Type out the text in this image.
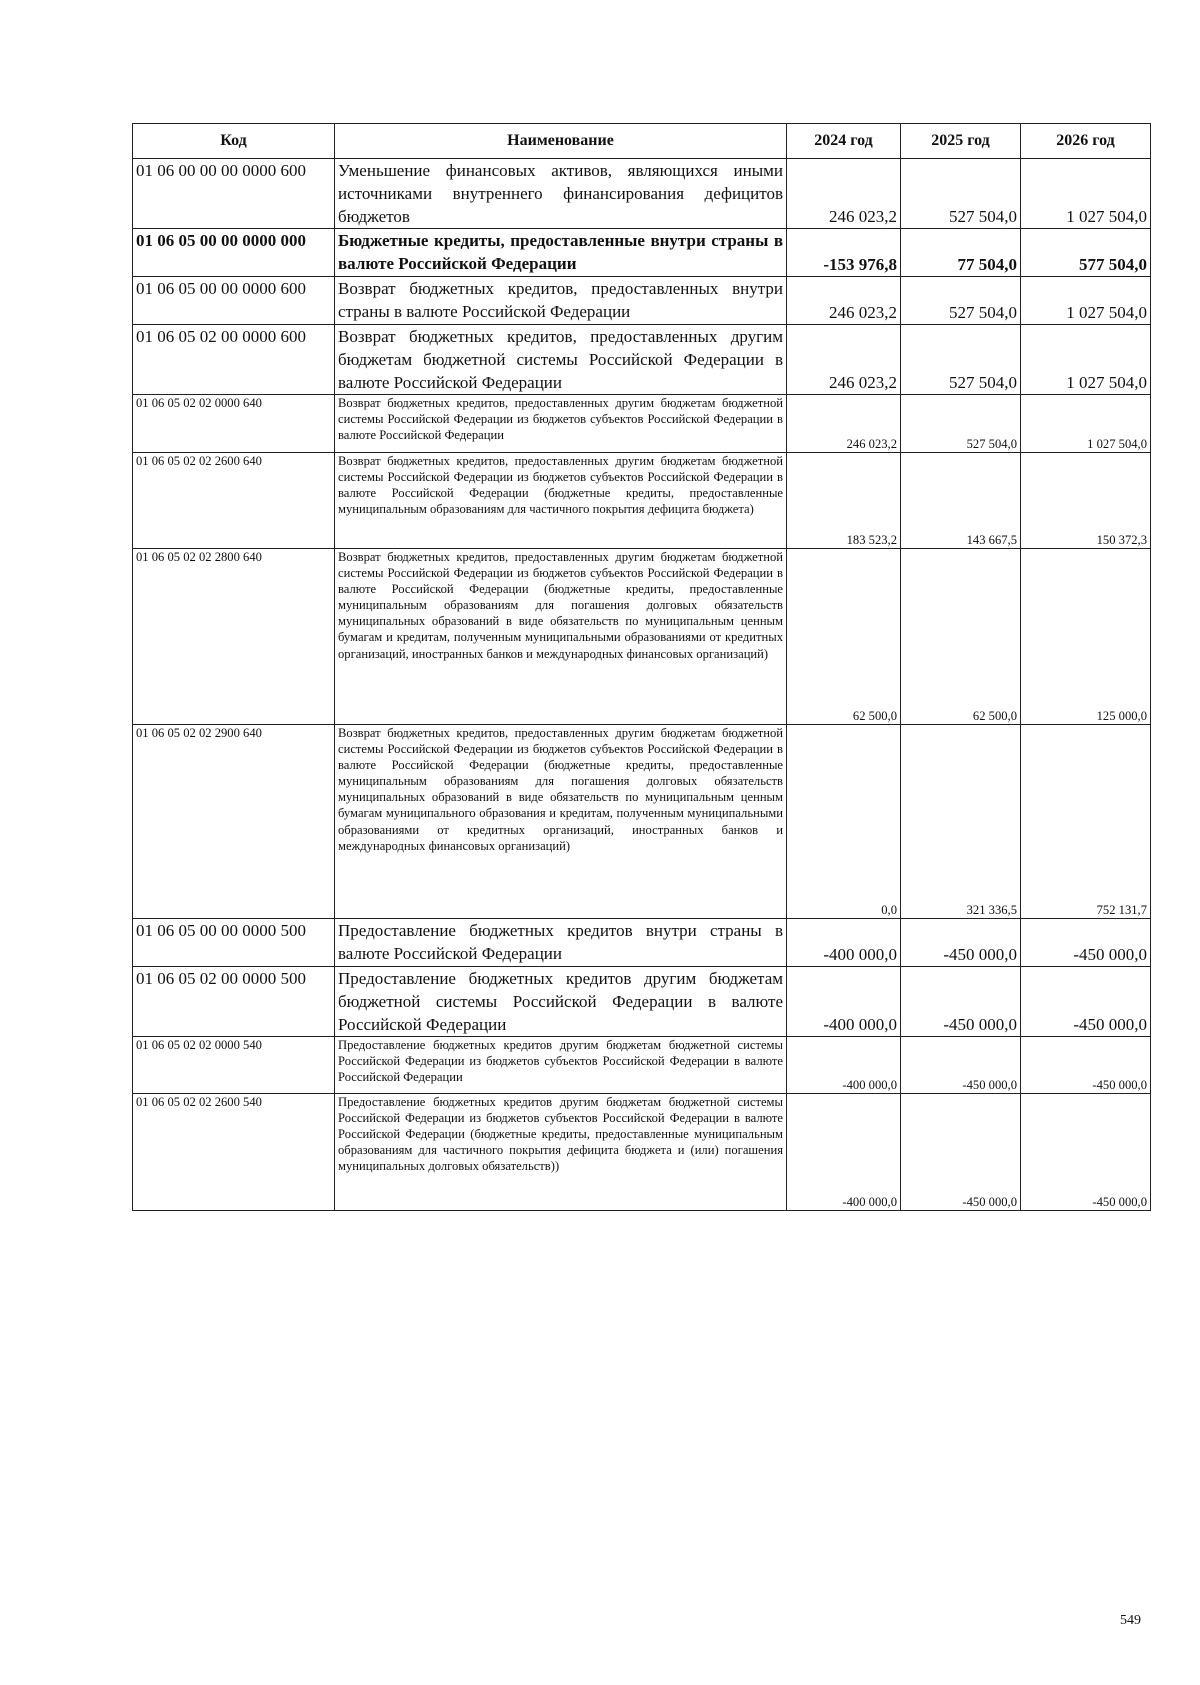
Код	Наименование	2024 год	2025 год	2026 год
01 06 00 00 00 0000 600	Уменьшение финансовых активов, являющихся иными источниками внутреннего финансирования дефицитов бюджетов	246 023,2	527 504,0	1 027 504,0
01 06 05 00 00 0000 000	Бюджетные кредиты, предоставленные внутри страны в валюте Российской Федерации	-153 976,8	77 504,0	577 504,0
01 06 05 00 00 0000 600	Возврат бюджетных кредитов, предоставленных внутри страны в валюте Российской Федерации	246 023,2	527 504,0	1 027 504,0
01 06 05 02 00 0000 600	Возврат бюджетных кредитов, предоставленных другим бюджетам бюджетной системы Российской Федерации в валюте Российской Федерации	246 023,2	527 504,0	1 027 504,0
01 06 05 02 02 0000 640	Возврат бюджетных кредитов, предоставленных другим бюджетам бюджетной системы Российской Федерации из бюджетов субъектов Российской Федерации в валюте Российской Федерации	246 023,2	527 504,0	1 027 504,0
01 06 05 02 02 2600 640	Возврат бюджетных кредитов, предоставленных другим бюджетам бюджетной системы Российской Федерации из бюджетов субъектов Российской Федерации в валюте Российской Федерации (бюджетные кредиты, предоставленные муниципальным образованиям для частичного покрытия дефицита бюджета)	183 523,2	143 667,5	150 372,3
01 06 05 02 02 2800 640	Возврат бюджетных кредитов, предоставленных другим бюджетам бюджетной системы Российской Федерации из бюджетов субъектов Российской Федерации в валюте Российской Федерации (бюджетные кредиты, предоставленные муниципальным образованиям для погашения долговых обязательств муниципальных образований в виде обязательств по муниципальным ценным бумагам и кредитам, полученным муниципальными образованиями от кредитных организаций, иностранных банков и международных финансовых организаций)	62 500,0	62 500,0	125 000,0
01 06 05 02 02 2900 640	Возврат бюджетных кредитов, предоставленных другим бюджетам бюджетной системы Российской Федерации из бюджетов субъектов Российской Федерации в валюте Российской Федерации (бюджетные кредиты, предоставленные муниципальным образованиям для погашения долговых обязательств муниципальных образований в виде обязательств по муниципальным ценным бумагам муниципального образования и кредитам, полученным муниципальными образованиями от кредитных организаций, иностранных банков и международных финансовых организаций)	0,0	321 336,5	752 131,7
01 06 05 00 00 0000 500	Предоставление бюджетных кредитов внутри страны в валюте Российской Федерации	-400 000,0	-450 000,0	-450 000,0
01 06 05 02 00 0000 500	Предоставление бюджетных кредитов другим бюджетам бюджетной системы Российской Федерации в валюте Российской Федерации	-400 000,0	-450 000,0	-450 000,0
01 06 05 02 02 0000 540	Предоставление бюджетных кредитов другим бюджетам бюджетной системы Российской Федерации из бюджетов субъектов Российской Федерации в валюте Российской Федерации	-400 000,0	-450 000,0	-450 000,0
01 06 05 02 02 2600 540	Предоставление бюджетных кредитов другим бюджетам бюджетной системы Российской Федерации из бюджетов субъектов Российской Федерации в валюте Российской Федерации (бюджетные кредиты, предоставленные муниципальным образованиям для частичного покрытия дефицита бюджета и (или) погашения муниципальных долговых обязательств))	-400 000,0	-450 000,0	-450 000,0
549
